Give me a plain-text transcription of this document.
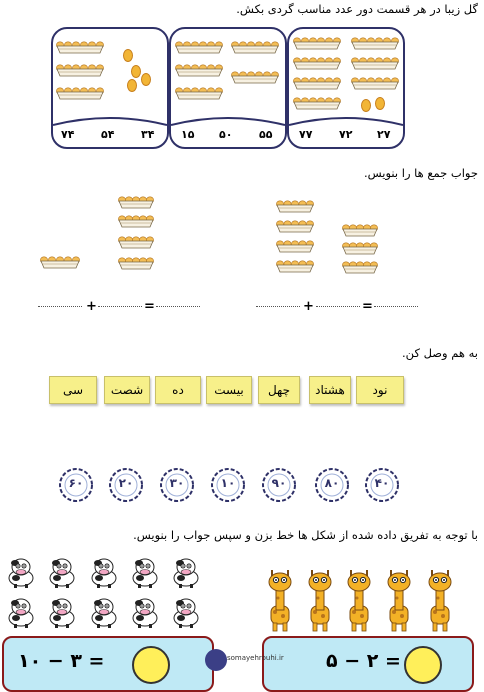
گل زیبا در هر قسمت دور عدد مناسب گردی بکش.
۷۴ ۵۴ ۳۴ ۱۵ ۵۰ ۵۵ ۷۷ ۷۲ ۲۷
جواب جمع ها را بنویس.
+	=	+	=
به هم وصل کن.
نود
هشتاد
چهل
بیست
ده
شصت
سی
۴۰
۸۰
۹۰
۱۰
۳۰
۲۰
۶۰
با توجه به تفریق داده شده از شکل ها خط بزن و سپس جواب را بنویس.
۱۰ − ۳ =	۵ − ۲ =
somayehrouhi.ir
